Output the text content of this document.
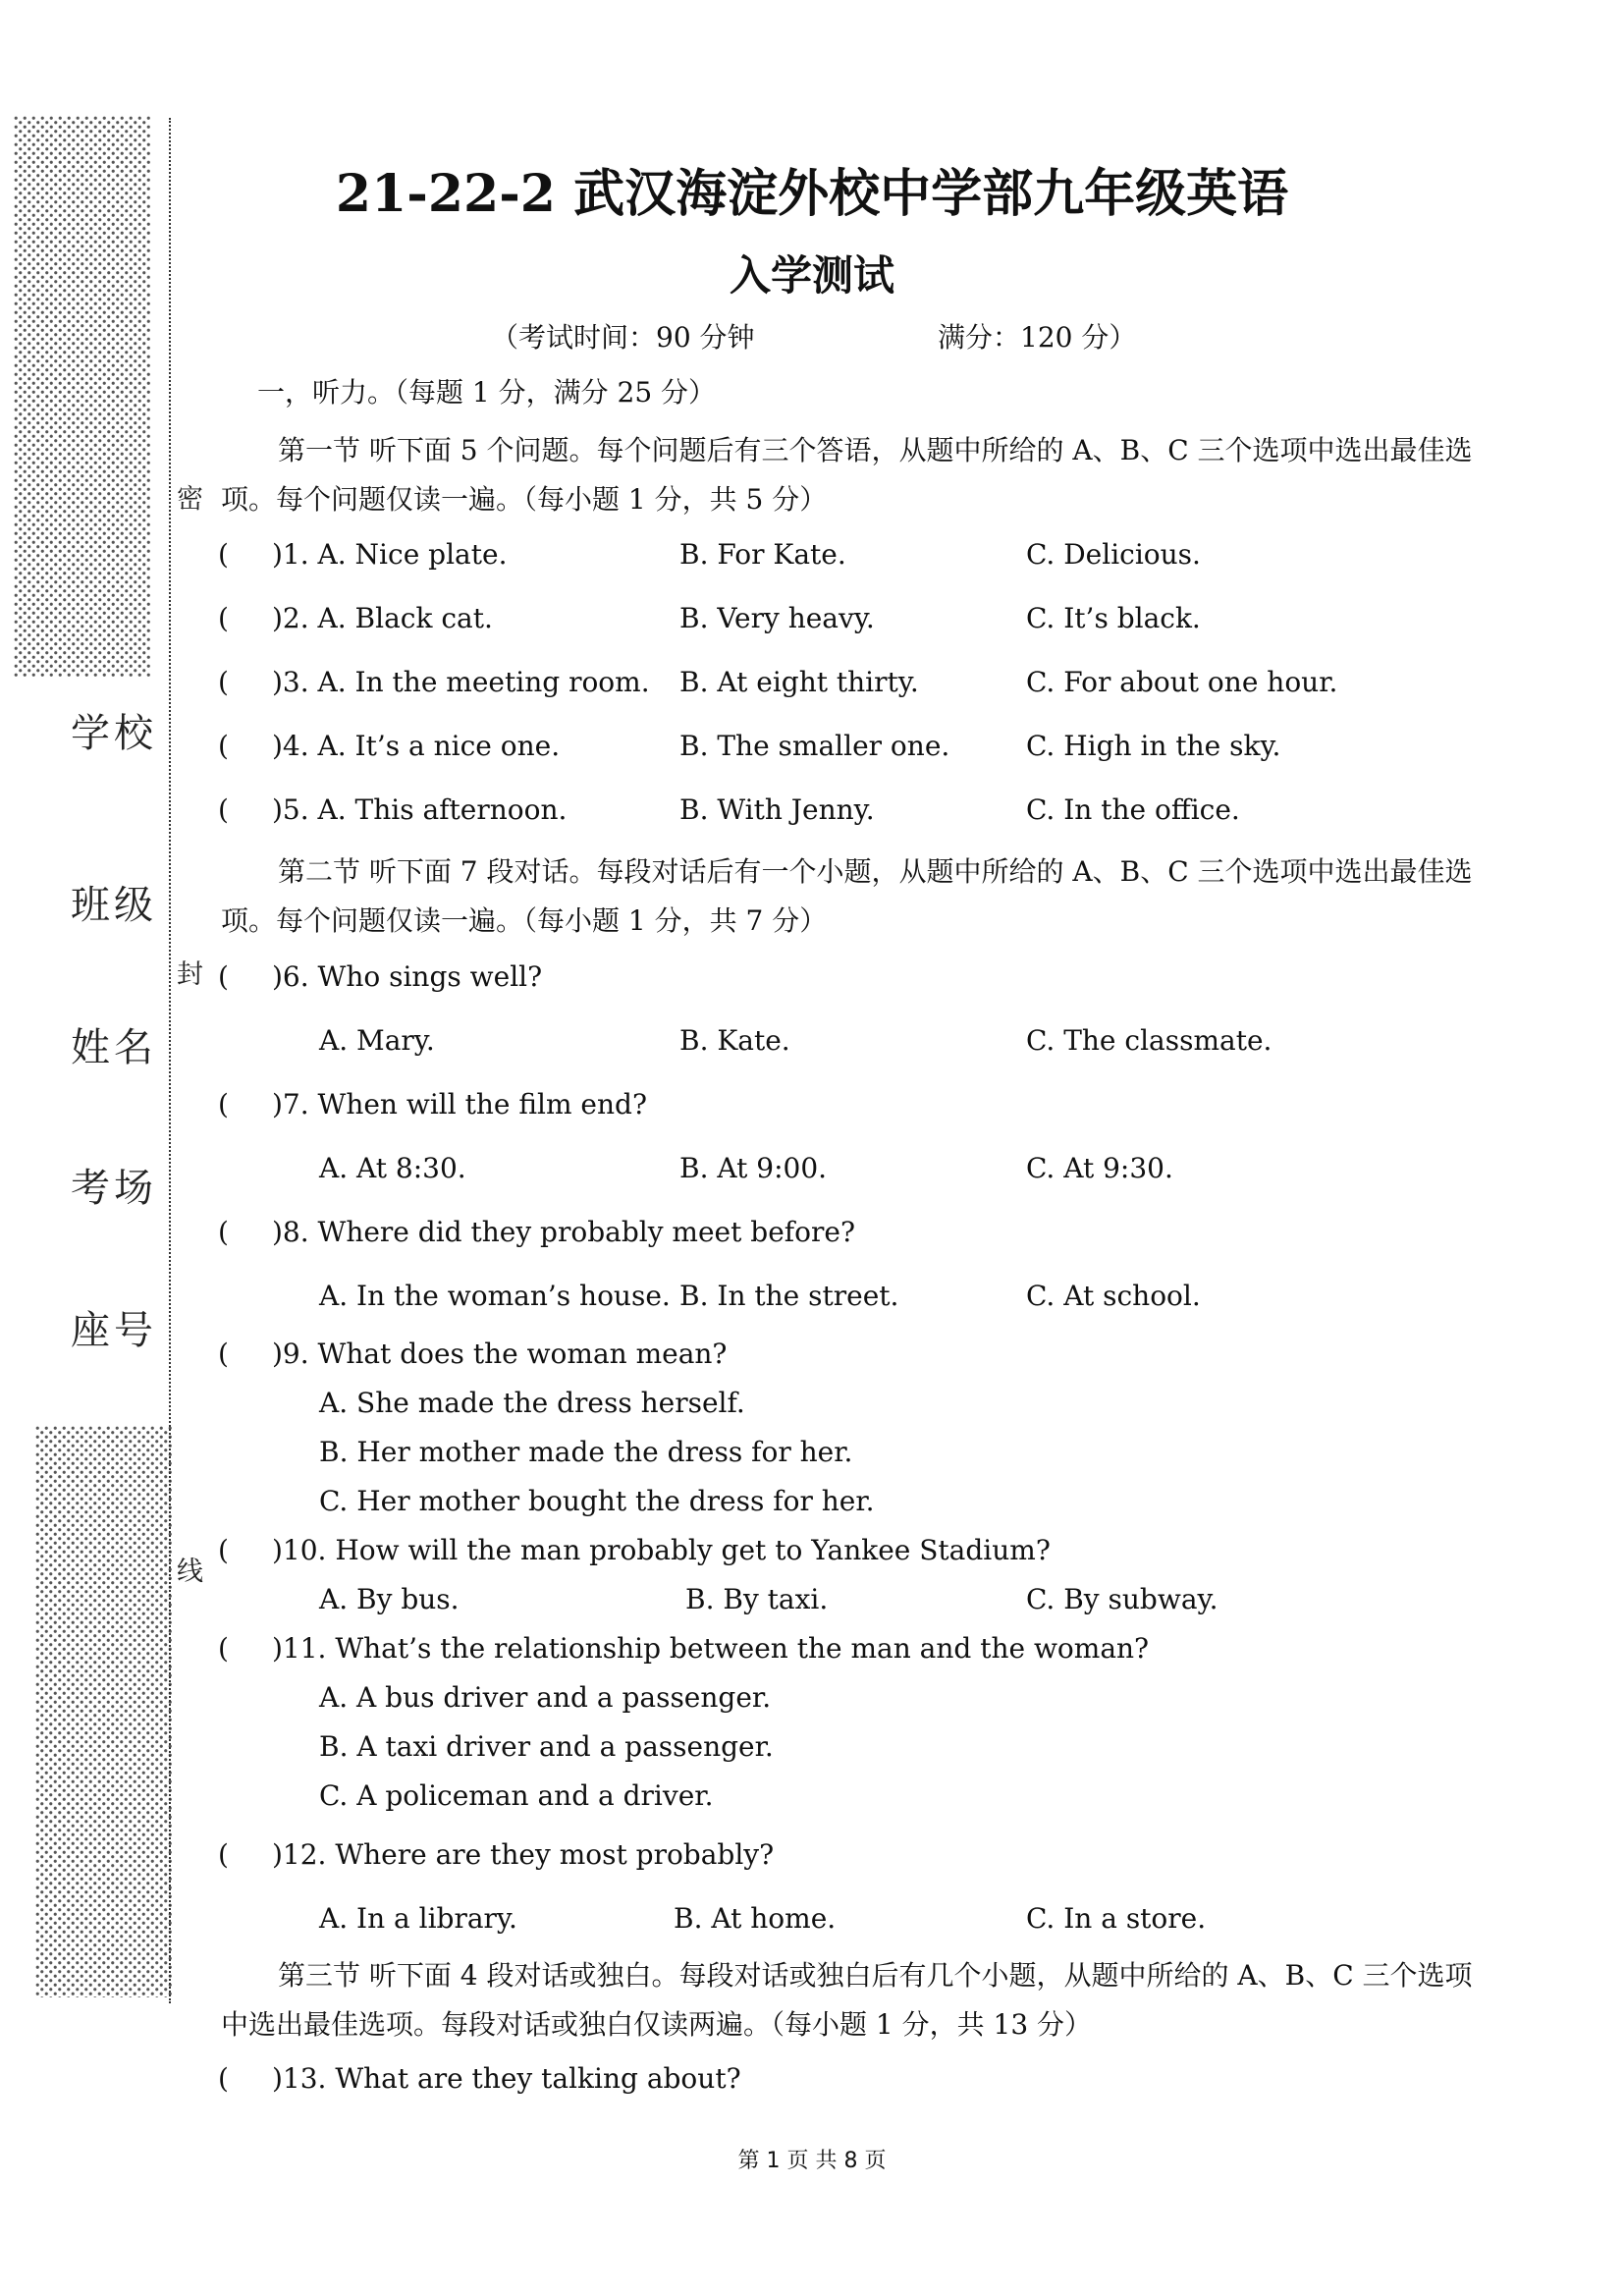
密
封
线
学校
班级
姓名
考场
座号
21-22-2 武汉海淀外校中学部九年级英语
入学测试
（考试时间：90 分钟	满分：120 分）
一，听力。（每题 1 分，满分 25 分）
第一节 听下面 5 个问题。每个问题后有三个答语，从题中所给的 A、B、C 三个选项中选出最佳选
项。每个问题仅读一遍。（每小题 1 分，共 5 分）
( )1. A. Nice plate.	B. For Kate.	C. Delicious.
( )2. A. Black cat.	B. Very heavy.	C. It’s black.
( )3. A. In the meeting room. B. At eight thirty.	C. For about one hour.
( )4. A. It’s a nice one.	B. The smaller one.	C. High in the sky.
( )5. A. This afternoon.	B. With Jenny.	C. In the office.
第二节 听下面 7 段对话。每段对话后有一个小题，从题中所给的 A、B、C 三个选项中选出最佳选
项。每个问题仅读一遍。（每小题 1 分，共 7 分）
( )6. Who sings well?
A. Mary.	B. Kate.	C. The classmate.
( )7. When will the film end?
A. At 8:30.	B. At 9:00.	C. At 9:30.
( )8. Where did they probably meet before?
A. In the woman’s house. B. In the street.	C. At school.
( )9. What does the woman mean?
A. She made the dress herself.
B. Her mother made the dress for her.
C. Her mother bought the dress for her.
( )10. How will the man probably get to Yankee Stadium?
A. By bus.	B. By taxi.	C. By subway.
( )11. What’s the relationship between the man and the woman?
A. A bus driver and a passenger.
B. A taxi driver and a passenger.
C. A policeman and a driver.
( )12. Where are they most probably?
A. In a library.	B. At home.	C. In a store.
第三节 听下面 4 段对话或独白。每段对话或独白后有几个小题，从题中所给的 A、B、C 三个选项
中选出最佳选项。每段对话或独白仅读两遍。（每小题 1 分，共 13 分）
( )13. What are they talking about?
第 1 页 共 8 页
